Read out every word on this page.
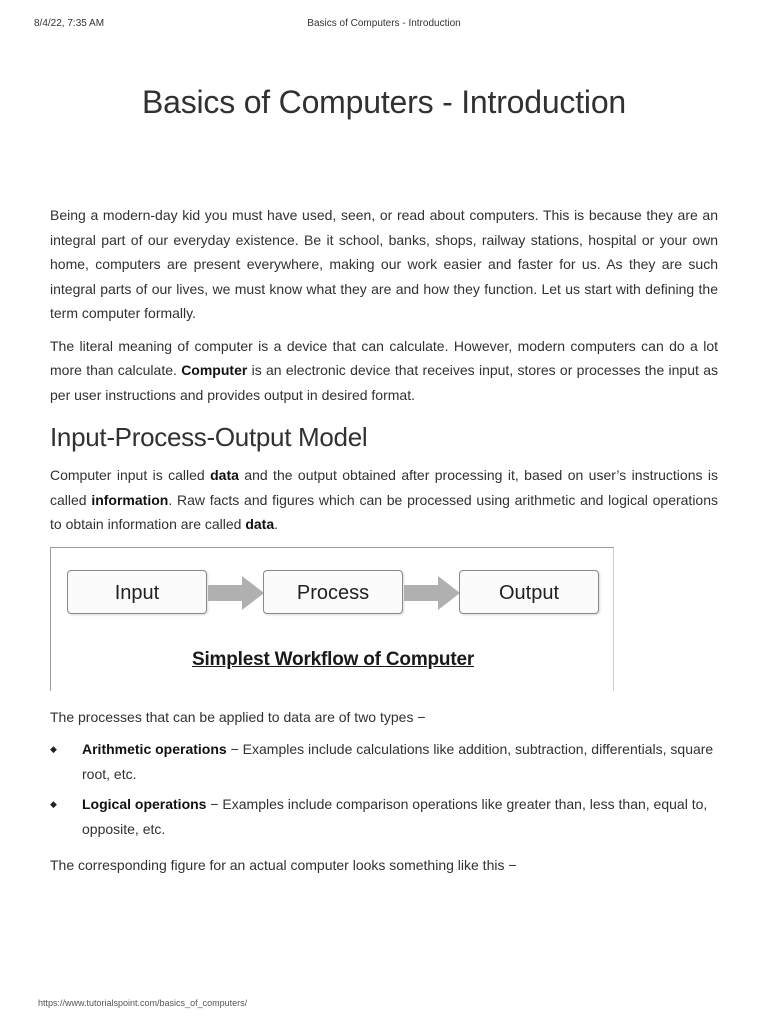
8/4/22, 7:35 AM	Basics of Computers - Introduction
Basics of Computers - Introduction

Being a modern-day kid you must have used, seen, or read about computers. This is because they are an integral part of our everyday existence. Be it school, banks, shops, railway stations, hospital or your own home, computers are present everywhere, making our work easier and faster for us. As they are such integral parts of our lives, we must know what they are and how they function. Let us start with defining the term computer formally.

The literal meaning of computer is a device that can calculate. However, modern computers can do a lot more than calculate. Computer is an electronic device that receives input, stores or processes the input as per user instructions and provides output in desired format.

Input-Process-Output Model

Computer input is called data and the output obtained after processing it, based on user’s instructions is called information. Raw facts and figures which can be processed using arithmetic and logical operations to obtain information are called data.

Input	Process	Output
Simplest Workflow of Computer

The processes that can be applied to data are of two types −

◆ Arithmetic operations − Examples include calculations like addition, subtraction, differentials, square root, etc.
◆ Logical operations − Examples include comparison operations like greater than, less than, equal to, opposite, etc.

The corresponding figure for an actual computer looks something like this −

https://www.tutorialspoint.com/basics_of_computers/
